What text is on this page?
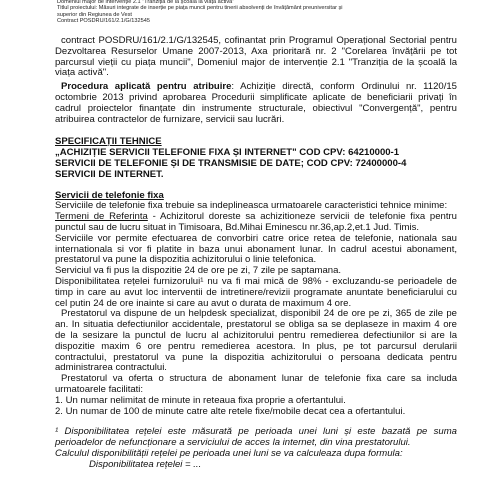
Domeniul major de intervenție 2.1 "Tranziția de la școală la viața activă"
Titlul proiectului: Măsuri integrate de inserție pe piața muncii pentru tinerii absolvenți de învățământ preuniversitar și
superior din Regiunea de Vest
Contract POSDRU/161/2.1/G/132545

contract POSDRU/161/2.1/G/132545, cofinantat prin Programul Operațional Sectorial pentru Dezvoltarea Resurselor Umane 2007-2013, Axa prioritară nr. 2 "Corelarea învățării pe tot parcursul vieții cu piața muncii", Domeniul major de intervenție 2.1 "Tranziția de la școală la viața activă".

Procedura aplicată pentru atribuire: Achiziție directă, conform Ordinului nr. 1120/15 octombrie 2013 privind aprobarea Procedurii simplificate aplicate de beneficiarii privați în cadrul proiectelor finanțate din instrumente structurale, obiectivul "Convergență", pentru atribuirea contractelor de furnizare, servicii sau lucrări.

SPECIFICAȚII TEHNICE

„ACHIZIȚIE SERVICII TELEFONIE FIXA ȘI INTERNET" COD CPV: 64210000-1

SERVICII DE TELEFONIE ȘI DE TRANSMISIE DE DATE; COD CPV: 72400000-4

SERVICII DE INTERNET.

Servicii de telefonie fixa

Serviciile de telefonie fixa trebuie sa indeplineasca urmatoarele caracteristici tehnice minime:

Termeni de Referinta - Achizitorul doreste sa achizitioneze servicii de telefonie fixa pentru punctul sau de lucru situat in Timisoara, Bd.Mihai Eminescu nr.36,ap.2,et.1 Jud. Timis.

Serviciile vor permite efectuarea de convorbiri catre orice retea de telefonie, nationala sau internationala si vor fi platite in baza unui abonament lunar. In cadrul acestui abonament, prestatorul va pune la dispozitia achizitorului o linie telefonica.

Serviciul va fi pus la dispozitie 24 de ore pe zi, 7 zile pe saptamana.

Disponibilitatea rețelei furnizorului¹ nu va fi mai mică de 98% - excluzandu-se perioadele de timp in care au avut loc interventii de intretinere/revizii programate anuntate beneficiarului cu cel putin 24 de ore inainte si care au avut o durata de maximum 4 ore.

Prestatorul va dispune de un helpdesk specializat, disponibil 24 de ore pe zi, 365 de zile pe an. In situatia defectiunilor accidentale, prestatorul se obliga sa se deplaseze in maxim 4 ore de la sesizare la punctul de lucru al achizitorului pentru remedierea defectiunilor si are la dispozitie maxim 6 ore pentru remedierea acestora. In plus, pe tot parcursul derularii contractului, prestatorul va pune la dispozitia achizitorului o persoana dedicata pentru administrarea contractului.

Prestatorul va oferta o structura de abonament lunar de telefonie fixa care sa includa urmatoarele facilitati:

1. Un numar nelimitat de minute in reteaua fixa proprie a ofertantului.

2. Un numar de 100 de minute catre alte retele fixe/mobile decat cea a ofertantului.

¹ Disponibilitatea rețelei este măsurată pe perioada unei luni și este bazată pe suma perioadelor de nefuncționare a serviciului de acces la internet, din vina prestatorului.

Calculul disponibilității rețelei pe perioada unei luni se va calculeaza dupa formula:

Disponibilitatea rețelei = ...
